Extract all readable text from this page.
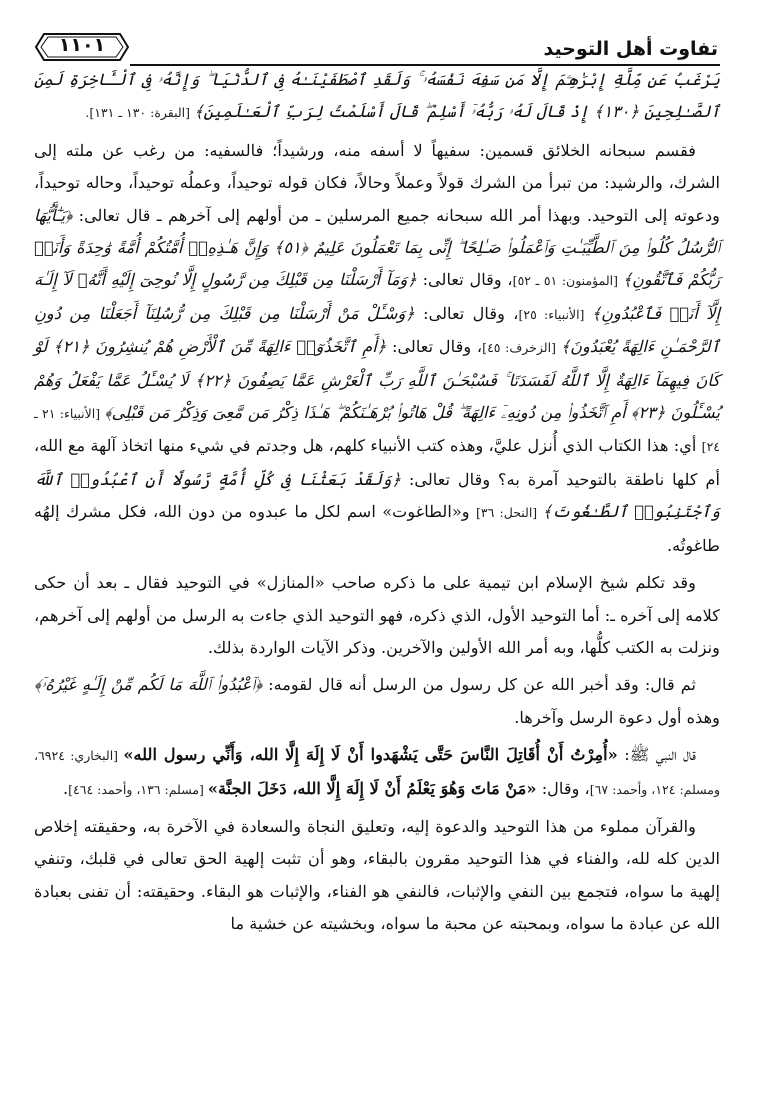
تفاوت أهل التوحيد
١١٠١

يَرْغَبُ عَن مِّلَّةِ إِبْرَٰهِـۧمَ إِلَّا مَن سَفِهَ نَفْسَهُۥ ۚ وَلَقَدِ ٱصْطَفَيْنَـٰهُ فِى ٱلدُّنْيَا ۖ وَإِنَّهُۥ فِى ٱلْـَٔاخِرَةِ لَمِنَ ٱلصَّـٰلِحِينَ ﴿١٣٠﴾ إِذْ قَالَ لَهُۥ رَبُّهُۥٓ أَسْلِمْ ۖ قَالَ أَسْلَمْتُ لِرَبِّ ٱلْعَـٰلَمِينَ﴾ [البقرة: ١٣٠ ـ ١٣١].

فقسم سبحانه الخلائق قسمين: سفيهاً لا أسفه منه، ورشيداً؛ فالسفيه: من رغب عن ملته إلى الشرك، والرشيد: من تبرأ من الشرك قولاً وعملاً وحالاً، فكان قوله توحيداً، وعملُه توحيداً، وحاله توحيداً، ودعوته إلى التوحيد. وبهذا أمر الله سبحانه جميع المرسلين ـ من أولهم إلى آخرهم ـ قال تعالى: ﴿يَـٰٓأَيُّهَا ٱلرُّسُلُ كُلُوا۟ مِنَ ٱلطَّيِّبَـٰتِ وَٱعْمَلُوا۟ صَـٰلِحًا ۖ إِنِّى بِمَا تَعْمَلُونَ عَلِيمٌ ﴿٥١﴾ وَإِنَّ هَـٰذِهِۦٓ أُمَّتُكُمْ أُمَّةً وَٰحِدَةً وَأَنَا۠ رَبُّكُمْ فَٱتَّقُونِ﴾ [المؤمنون: ٥١ ـ ٥٢]، وقال تعالى: ﴿وَمَآ أَرْسَلْنَا مِن قَبْلِكَ مِن رَّسُولٍ إِلَّا نُوحِىٓ إِلَيْهِ أَنَّهُۥ لَآ إِلَـٰهَ إِلَّآ أَنَا۠ فَٱعْبُدُونِ﴾ [الأنبياء: ٢٥]، وقال تعالى: ﴿وَسْـَٔلْ مَنْ أَرْسَلْنَا مِن قَبْلِكَ مِن رُّسُلِنَآ أَجَعَلْنَا مِن دُونِ ٱلرَّحْمَـٰنِ ءَالِهَةً يُعْبَدُونَ﴾ [الزخرف: ٤٥]، وقال تعالى: ﴿أَمِ ٱتَّخَذُوٓا۟ ءَالِهَةً مِّنَ ٱلْأَرْضِ هُمْ يُنشِرُونَ ﴿٢١﴾ لَوْ كَانَ فِيهِمَآ ءَالِهَةٌ إِلَّا ٱللَّهُ لَفَسَدَتَا ۚ فَسُبْحَـٰنَ ٱللَّهِ رَبِّ ٱلْعَرْشِ عَمَّا يَصِفُونَ ﴿٢٢﴾ لَا يُسْـَٔلُ عَمَّا يَفْعَلُ وَهُمْ يُسْـَٔلُونَ ﴿٢٣﴾ أَمِ ٱتَّخَذُوا۟ مِن دُونِهِۦٓ ءَالِهَةً ۖ قُلْ هَاتُوا۟ بُرْهَـٰنَكُمْ ۖ هَـٰذَا ذِكْرُ مَن مَّعِىَ وَذِكْرُ مَن قَبْلِى﴾ [الأنبياء: ٢١ ـ ٢٤] أي: هذا الكتاب الذي أُنزل عليَّ، وهذه كتب الأنبياء كلهم، هل وجدتم في شيء منها اتخاذ آلهة مع الله، أم كلها ناطقة بالتوحيد آمرة به؟ وقال تعالى: ﴿وَلَقَدْ بَعَثْنَا فِى كُلِّ أُمَّةٍ رَّسُولًا أَنِ ٱعْبُدُوا۟ ٱللَّهَ وَٱجْتَنِبُوا۟ ٱلطَّـٰغُوتَ﴾ [النحل: ٣٦] و«الطاغوت» اسم لكل ما عبدوه من دون الله، فكل مشرك إلهُه طاغوتُه.

وقد تكلم شيخ الإسلام ابن تيمية على ما ذكره صاحب «المنازل» في التوحيد فقال ـ بعد أن حكى كلامه إلى آخره ـ: أما التوحيد الأول، الذي ذكره، فهو التوحيد الذي جاءت به الرسل من أولهم إلى آخرهم، ونزلت به الكتب كلُّها، وبه أمر الله الأولين والآخرين. وذكر الآيات الواردة بذلك.

ثم قال: وقد أخبر الله عن كل رسول من الرسل أنه قال لقومه: ﴿ٱعْبُدُوا۟ ٱللَّهَ مَا لَكُم مِّنْ إِلَـٰهٍ غَيْرُهُۥٓ﴾ وهذه أول دعوة الرسل وآخرها.

قال النبي ﷺ: «أُمِرْتُ أَنْ أُقَاتِلَ النَّاسَ حَتَّى يَشْهَدوا أَنْ لَا إِلَهَ إِلَّا الله، وَأَنِّي رسول الله» [البخاري: ٦٩٢٤، ومسلم: ١٢٤، وأحمد: ٦٧]، وقال: «مَنْ مَاتَ وَهُوَ يَعْلَمُ أَنْ لَا إِلَهَ إِلَّا الله، دَخَلَ الجنَّة» [مسلم: ١٣٦، وأحمد: ٤٦٤].

والقرآن مملوء من هذا التوحيد والدعوة إليه، وتعليق النجاة والسعادة في الآخرة به، وحقيقته إخلاص الدين كله لله، والفناء في هذا التوحيد مقرون بالبقاء، وهو أن تثبت إلهية الحق تعالى في قلبك، وتنفي إلهية ما سواه، فتجمع بين النفي والإثبات، فالنفي هو الفناء، والإثبات هو البقاء. وحقيقته: أن تفنى بعبادة الله عن عبادة ما سواه، وبمحبته عن محبة ما سواه، وبخشيته عن خشية ما
